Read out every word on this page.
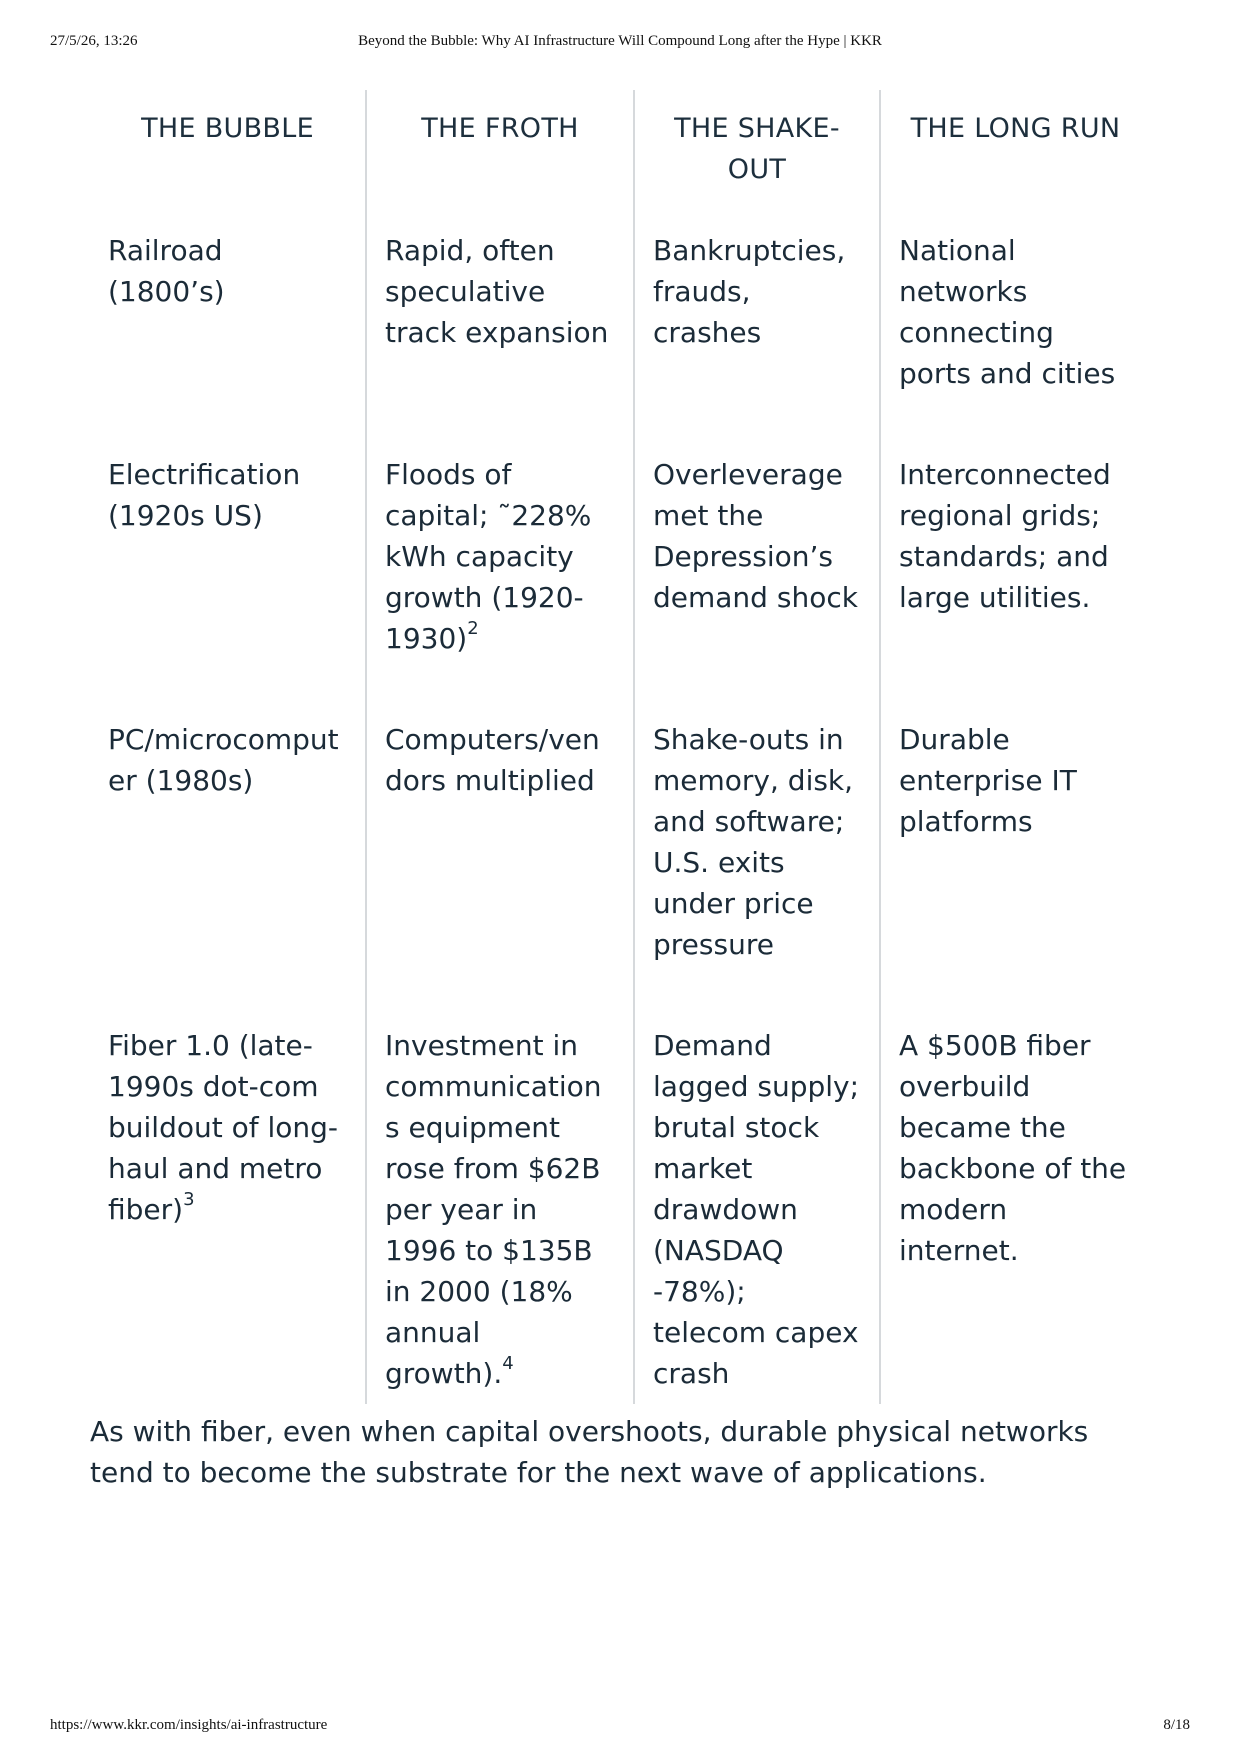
27/5/26, 13:26	Beyond the Bubble: Why AI Infrastructure Will Compound Long after the Hype | KKR
THE BUBBLE	THE FROTH	THE SHAKE-OUT	THE LONG RUN
Railroad (1800’s)	Rapid, often speculative track expansion	Bankruptcies, frauds, crashes	National networks connecting ports and cities
Electrification (1920s US)	Floods of capital; ˜228% kWh capacity growth (1920-1930)$^2$	Overleverage met the Depression’s demand shock	Interconnected regional grids; standards; and large utilities.
PC/microcomputer (1980s)	Computers/vendors multiplied	Shake-outs in memory, disk, and software; U.S. exits under price pressure	Durable enterprise IT platforms
Fiber 1.0 (late-1990s dot-com buildout of long-haul and metro fiber)$^3$	Investment in communications equipment rose from $62B per year in 1996 to $135B in 2000 (18% annual growth).$^4$	Demand lagged supply; brutal stock market drawdown (NASDAQ -78%); telecom capex crash	A $500B fiber overbuild became the backbone of the modern internet.

As with fiber, even when capital overshoots, durable physical networks tend to become the substrate for the next wave of applications.

https://www.kkr.com/insights/ai-infrastructure	8/18
